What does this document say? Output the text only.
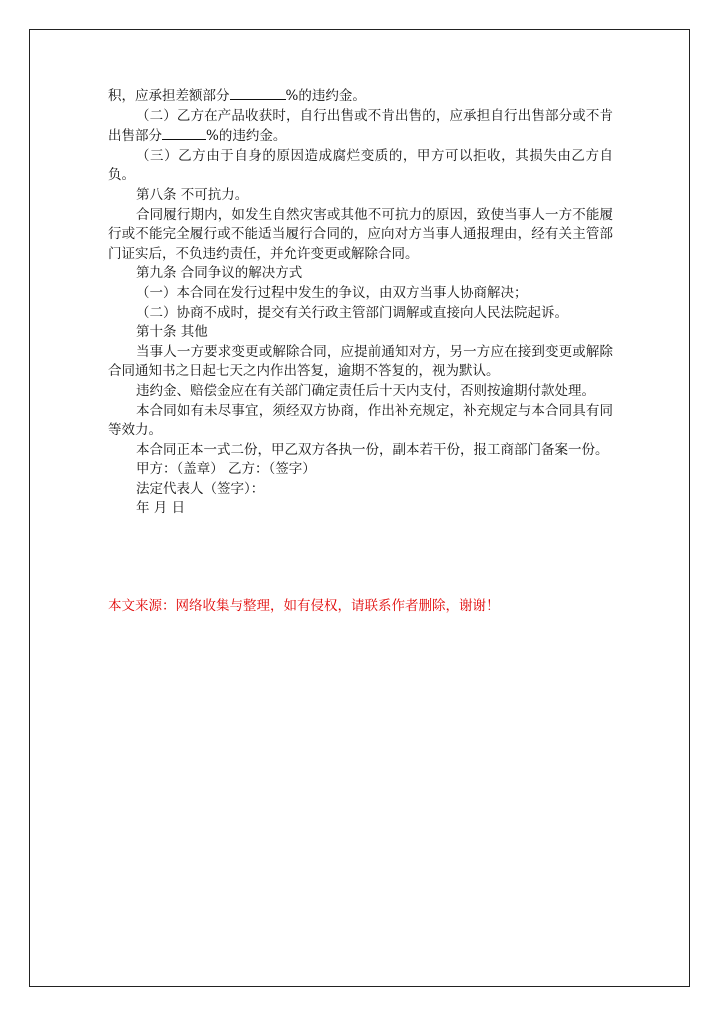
积，应承担差额部分	%的违约金。

（二）乙方在产品收获时，自行出售或不肯出售的，应承担自行出售部分或不肯出售部分	%的违约金。

（三）乙方由于自身的原因造成腐烂变质的，甲方可以拒收，其损失由乙方自负。

第八条 不可抗力。

合同履行期内，如发生自然灾害或其他不可抗力的原因，致使当事人一方不能履行或不能完全履行或不能适当履行合同的，应向对方当事人通报理由，经有关主管部门证实后，不负违约责任，并允许变更或解除合同。

第九条 合同争议的解决方式

（一）本合同在发行过程中发生的争议，由双方当事人协商解决；

（二）协商不成时，提交有关行政主管部门调解或直接向人民法院起诉。

第十条 其他

当事人一方要求变更或解除合同，应提前通知对方，另一方应在接到变更或解除合同通知书之日起七天之内作出答复，逾期不答复的，视为默认。

违约金、赔偿金应在有关部门确定责任后十天内支付，否则按逾期付款处理。

本合同如有未尽事宜，须经双方协商，作出补充规定，补充规定与本合同具有同等效力。

本合同正本一式二份，甲乙双方各执一份，副本若干份，报工商部门备案一份。

甲方：（盖章） 乙方：（签字）

法定代表人（签字）：

年 月 日

本文来源：网络收集与整理，如有侵权，请联系作者删除，谢谢！
